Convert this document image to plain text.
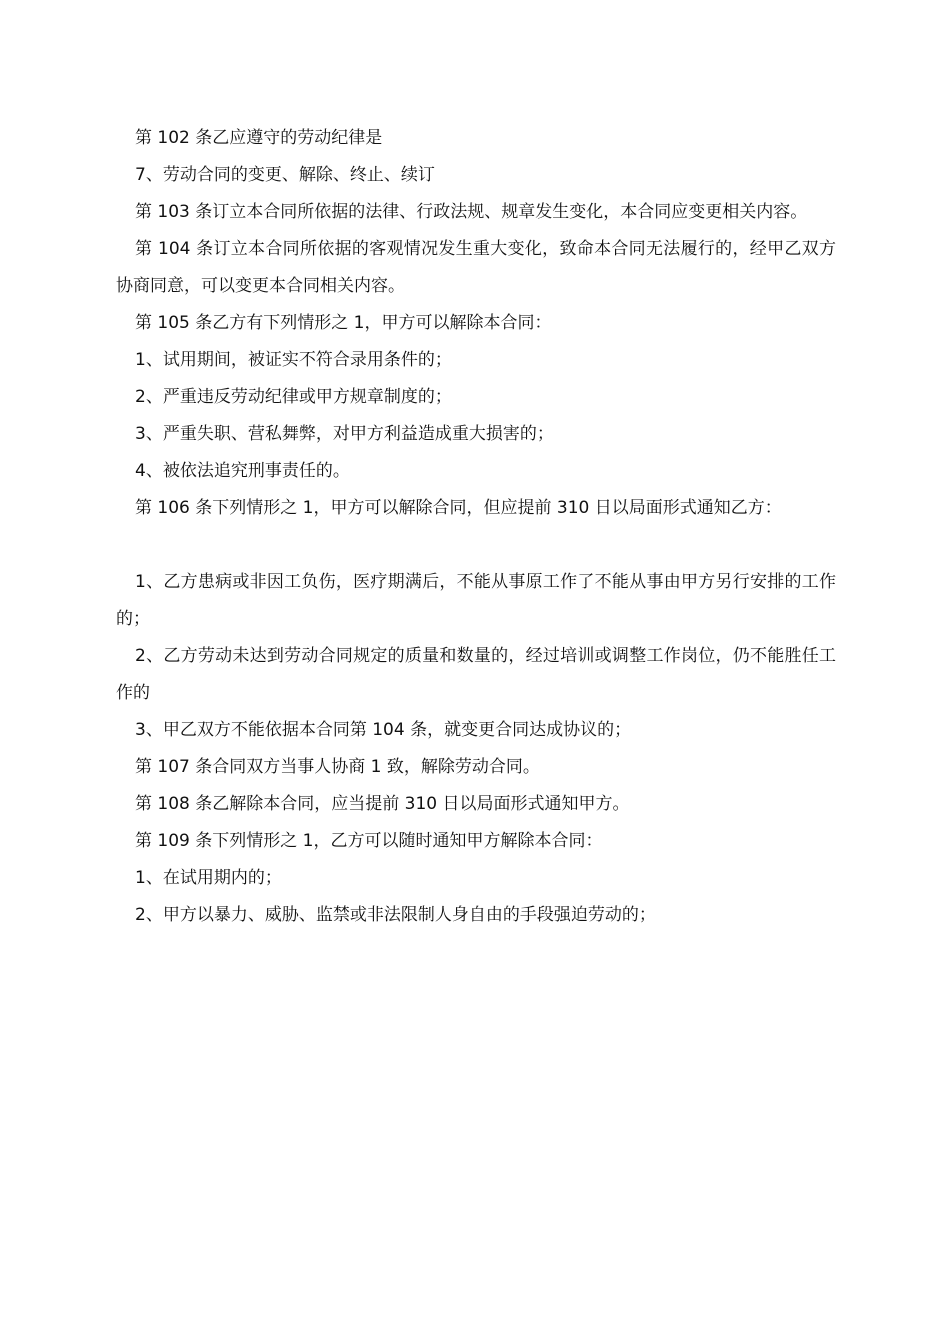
第 102 条乙应遵守的劳动纪律是

7、劳动合同的变更、解除、终止、续订

第 103 条订立本合同所依据的法律、行政法规、规章发生变化，本合同应变更相关内容。

第 104 条订立本合同所依据的客观情况发生重大变化，致命本合同无法履行的，经甲乙双方协商同意，可以变更本合同相关内容。

第 105 条乙方有下列情形之 1，甲方可以解除本合同：

1、试用期间，被证实不符合录用条件的；

2、严重违反劳动纪律或甲方规章制度的；

3、严重失职、营私舞弊，对甲方利益造成重大损害的；

4、被依法追究刑事责任的。

第 106 条下列情形之 1，甲方可以解除合同，但应提前 310 日以局面形式通知乙方：

1、乙方患病或非因工负伤，医疗期满后，不能从事原工作了不能从事由甲方另行安排的工作的；

2、乙方劳动未达到劳动合同规定的质量和数量的，经过培训或调整工作岗位，仍不能胜任工作的

3、甲乙双方不能依据本合同第 104 条，就变更合同达成协议的；

第 107 条合同双方当事人协商 1 致，解除劳动合同。

第 108 条乙解除本合同，应当提前 310 日以局面形式通知甲方。

第 109 条下列情形之 1，乙方可以随时通知甲方解除本合同：

1、在试用期内的；

2、甲方以暴力、威胁、监禁或非法限制人身自由的手段强迫劳动的；
